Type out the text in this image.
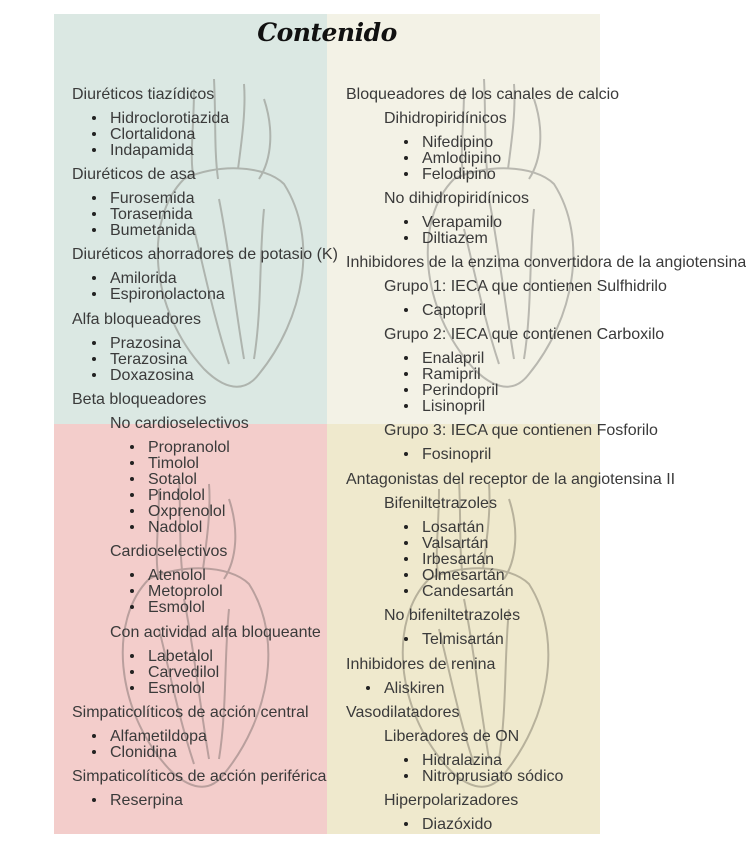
Contenido
Diuréticos tiazídicos
Hidroclorotiazida
Clortalidona
Indapamida
Diuréticos de asa
Furosemida
Torasemida
Bumetanida
Diuréticos ahorradores de potasio (K)
Amilorida
Espironolactona
Alfa bloqueadores
Prazosina
Terazosina
Doxazosina
Beta bloqueadores
No cardioselectivos
Propranolol
Timolol
Sotalol
Pindolol
Oxprenolol
Nadolol
Cardioselectivos
Atenolol
Metoprolol
Esmolol
Con actividad alfa bloqueante
Labetalol
Carvedilol
Esmolol
Simpaticolíticos de acción central
Alfametildopa
Clonidina
Simpaticolíticos de acción periférica
Reserpina
Bloqueadores de los canales de calcio
Dihidropiridínicos
Nifedipino
Amlodipino
Felodipino
No dihidropiridínicos
Verapamilo
Diltiazem
Inhibidores de la enzima convertidora de la angiotensina
Grupo 1: IECA que contienen Sulfhidrilo
Captopril
Grupo 2: IECA que contienen Carboxilo
Enalapril
Ramipril
Perindopril
Lisinopril
Grupo 3: IECA que contienen Fosforilo
Fosinopril
Antagonistas del receptor de la angiotensina II
Bifeniltetrazoles
Losartán
Valsartán
Irbesartán
Olmesartán
Candesartán
No bifeniltetrazoles
Telmisartán
Inhibidores de renina
Aliskiren
Vasodilatadores
Liberadores de ON
Hidralazina
Nitroprusiato sódico
Hiperpolarizadores
Diazóxido
